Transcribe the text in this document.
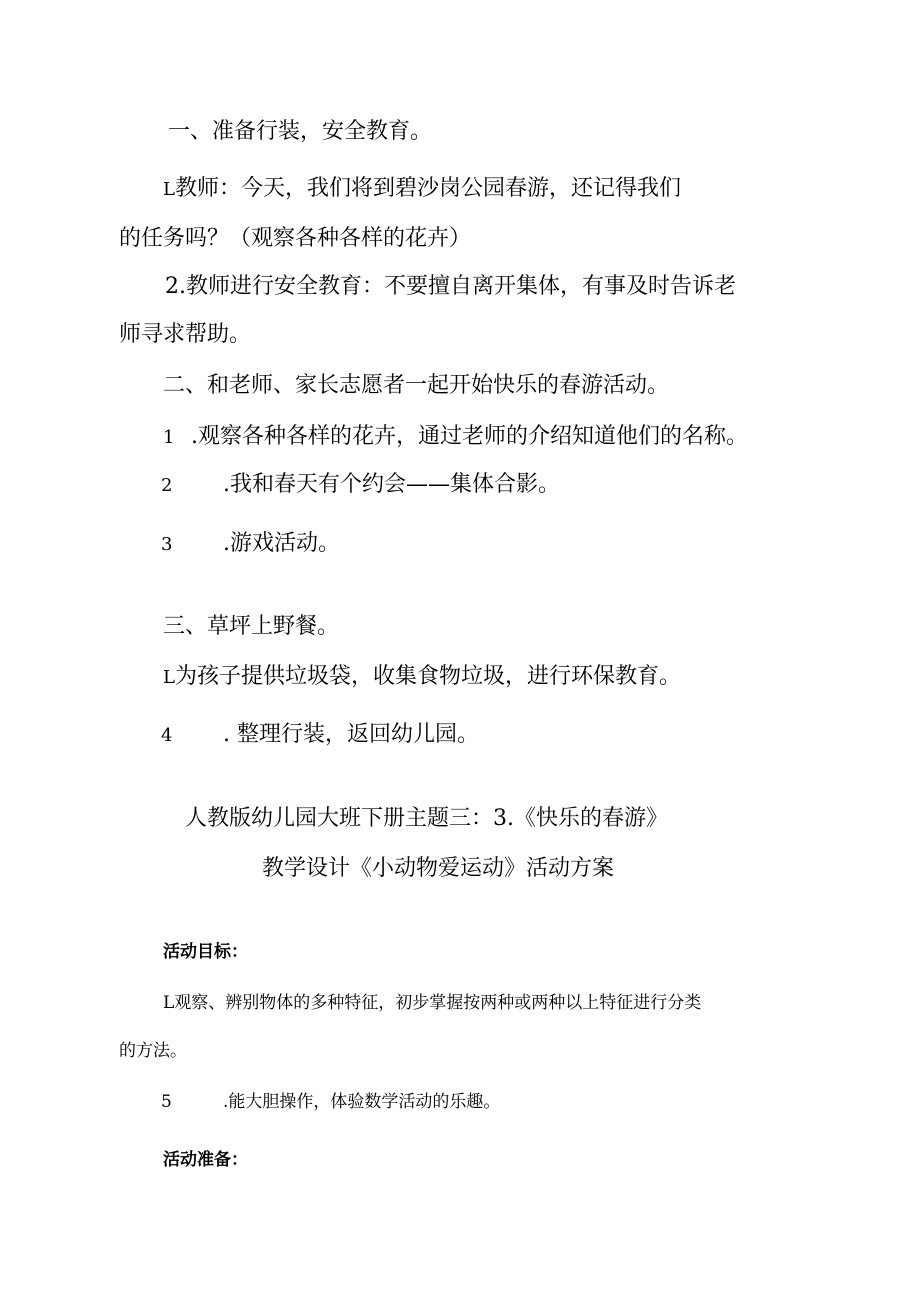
一、准备行装，安全教育。
L教师：今天，我们将到碧沙岗公园春游，还记得我们
的任务吗？（观察各种各样的花卉）
2.教师进行安全教育：不要擅自离开集体，有事及时告诉老
师寻求帮助。
二、和老师、家长志愿者一起开始快乐的春游活动。
1 .观察各种各样的花卉，通过老师的介绍知道他们的名称。
2 .我和春天有个约会——集体合影。
3 .游戏活动。
三、草坪上野餐。
L为孩子提供垃圾袋，收集食物垃圾，进行环保教育。
4 . 整理行装，返回幼儿园。
人教版幼儿园大班下册主题三：3.《快乐的春游》
教学设计《小动物爱运动》活动方案
活动目标：
L观察、辨别物体的多种特征，初步掌握按两种或两种以上特征进行分类
的方法。
5	.能大胆操作，体验数学活动的乐趣。
活动准备：
